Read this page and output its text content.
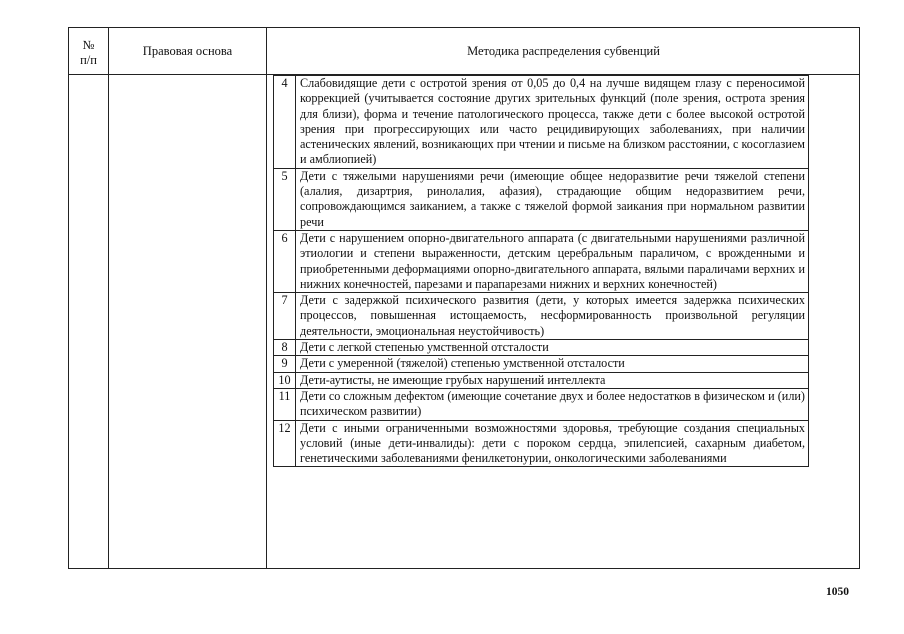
№
п/п
Правовая основа	Методика распределения субвенций
4	Слабовидящие дети с остротой зрения от 0,05 до 0,4 на лучше видящем глазу с переносимой коррекцией (учитывается состояние других зрительных функций (поле зрения, острота зрения для близи), форма и течение патологического процесса, также дети с более высокой остротой зрения при прогрессирующих или часто рецидивирующих заболеваниях, при наличии астенических явлений, возникающих при чтении и письме на близком расстоянии, с косоглазием и амблиопией)
5	Дети с тяжелыми нарушениями речи (имеющие общее недоразвитие речи тяжелой степени (алалия, дизартрия, ринолалия, афазия), страдающие общим недоразвитием речи, сопровождающимся заиканием, а также с тяжелой формой заикания при нормальном развитии речи
6	Дети с нарушением опорно-двигательного аппарата (с двигательными нарушениями различной этиологии и степени выраженности, детским церебральным параличом, с врожденными и приобретенными деформациями опорно-двигательного аппарата, вялыми параличами верхних и нижних конечностей, парезами и парапарезами нижних и верхних конечностей)
7	Дети с задержкой психического развития (дети, у которых имеется задержка психических процессов, повышенная истощаемость, несформированность произвольной регуляции деятельности, эмоциональная неустойчивость)
8	Дети с легкой степенью умственной отсталости
9	Дети с умеренной (тяжелой) степенью умственной отсталости
10	Дети-аутисты, не имеющие грубых нарушений интеллекта
11	Дети со сложным дефектом (имеющие сочетание двух и более недостатков в физическом и (или) психическом развитии)
12	Дети с иными ограниченными возможностями здоровья, требующие создания специальных условий (иные дети-инвалиды): дети с пороком сердца, эпилепсией, сахарным диабетом, генетическими заболеваниями фенилкетонурии, онкологическими заболеваниями
1050
